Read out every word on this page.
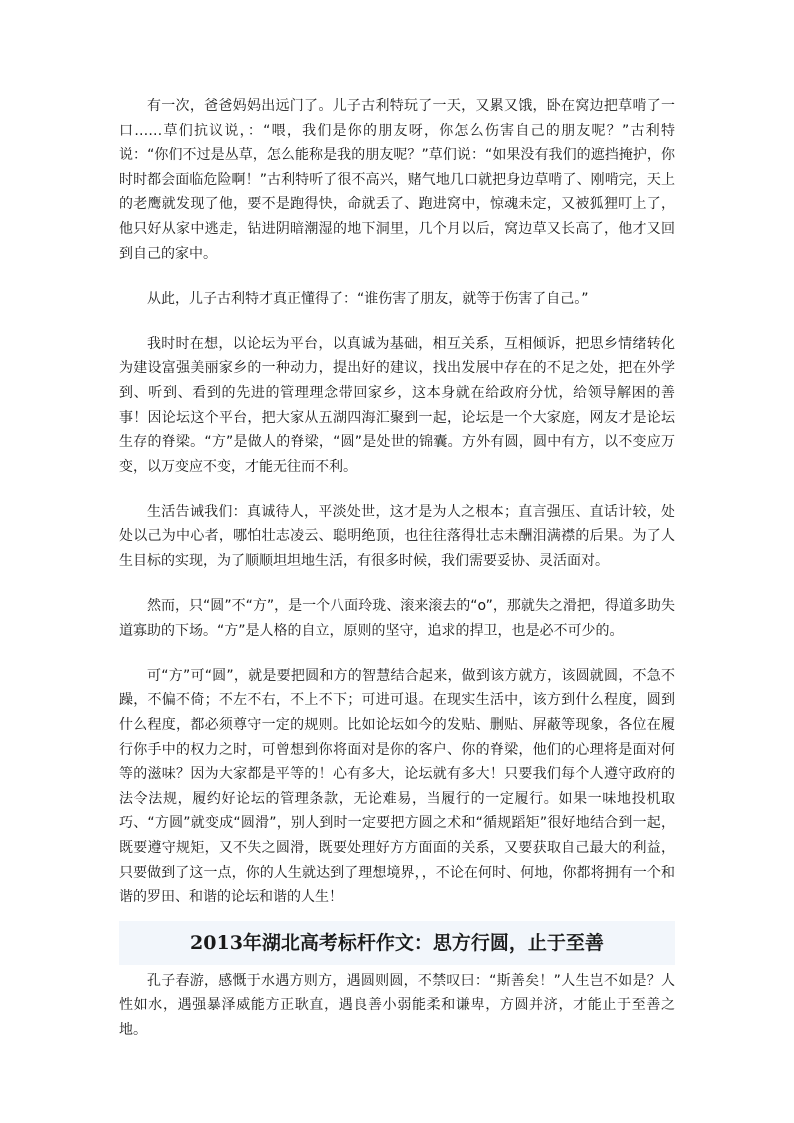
有一次，爸爸妈妈出远门了。儿子古利特玩了一天，又累又饿，卧在窝边把草啃了一口……草们抗议说，：“喂，我们是你的朋友呀，你怎么伤害自己的朋友呢？”古利特说：“你们不过是丛草，怎么能称是我的朋友呢？”草们说：“如果没有我们的遮挡掩护，你时时都会面临危险啊！”古利特听了很不高兴，赌气地几口就把身边草啃了、刚啃完，天上的老鹰就发现了他，要不是跑得快，命就丢了、跑进窝中，惊魂未定，又被狐狸叮上了，他只好从家中逃走，钻进阴暗潮湿的地下洞里，几个月以后，窝边草又长高了，他才又回到自己的家中。

从此，儿子古利特才真正懂得了：“谁伤害了朋友，就等于伤害了自己。”

我时时在想，以论坛为平台，以真诚为基础，相互关系，互相倾诉，把思乡情绪转化为建设富强美丽家乡的一种动力，提出好的建议，找出发展中存在的不足之处，把在外学到、听到、看到的先进的管理理念带回家乡，这本身就在给政府分忧，给领导解困的善事！因论坛这个平台，把大家从五湖四海汇聚到一起，论坛是一个大家庭，网友才是论坛生存的脊梁。“方”是做人的脊梁，“圆”是处世的锦囊。方外有圆，圆中有方，以不变应万变，以万变应不变，才能无往而不利。

生活告诫我们：真诚待人，平淡处世，这才是为人之根本；直言强压、直话计较，处处以己为中心者，哪怕壮志凌云、聪明绝顶，也往往落得壮志未酬泪满襟的后果。为了人生目标的实现，为了顺顺坦坦地生活，有很多时候，我们需要妥协、灵活面对。

然而，只“圆”不“方”，是一个八面玲珑、滚来滚去的“o”，那就失之滑把，得道多助失道寡助的下场。“方”是人格的自立，原则的坚守，追求的捍卫，也是必不可少的。

可“方”可“圆”，就是要把圆和方的智慧结合起来，做到该方就方，该圆就圆，不急不躁，不偏不倚；不左不右，不上不下；可进可退。在现实生活中，该方到什么程度，圆到什么程度，都必须尊守一定的规则。比如论坛如今的发贴、删贴、屏蔽等现象，各位在履行你手中的权力之时，可曾想到你将面对是你的客户、你的脊梁，他们的心理将是面对何等的滋味？因为大家都是平等的！心有多大，论坛就有多大！只要我们每个人遵守政府的法令法规，履约好论坛的管理条款，无论难易，当履行的一定履行。如果一味地投机取巧、“方圆”就变成“圆滑”，别人到时一定要把方圆之术和“循规蹈矩”很好地结合到一起，既要遵守规矩，又不失之圆滑，既要处理好方方面面的关系，又要获取自己最大的利益，只要做到了这一点，你的人生就达到了理想境界，，不论在何时、何地，你都将拥有一个和谐的罗田、和谐的论坛和谐的人生！

2013年湖北高考标杆作文：思方行圆，止于至善

孔子春游，感慨于水遇方则方，遇圆则圆，不禁叹曰：“斯善矣！”人生岂不如是？人性如水，遇强暴泽威能方正耿直，遇良善小弱能柔和谦卑，方圆并济，才能止于至善之地。
